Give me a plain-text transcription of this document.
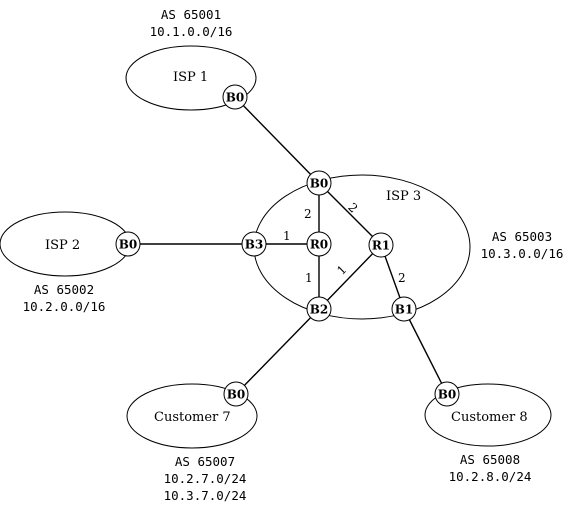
1
2	2
1
1
2
ISP 1
ISP 2
ISP 3
Customer 7	Customer 8
AS 65001
10.1.0.0/16
AS 65002
10.2.0.0/16
AS 65003
10.3.0.0/16
AS 65007
10.2.7.0/24
10.3.7.0/24
AS 65008
10.2.8.0/24
B0
B0
B0
B3	R0	R1
B2	B1
B0	B0
